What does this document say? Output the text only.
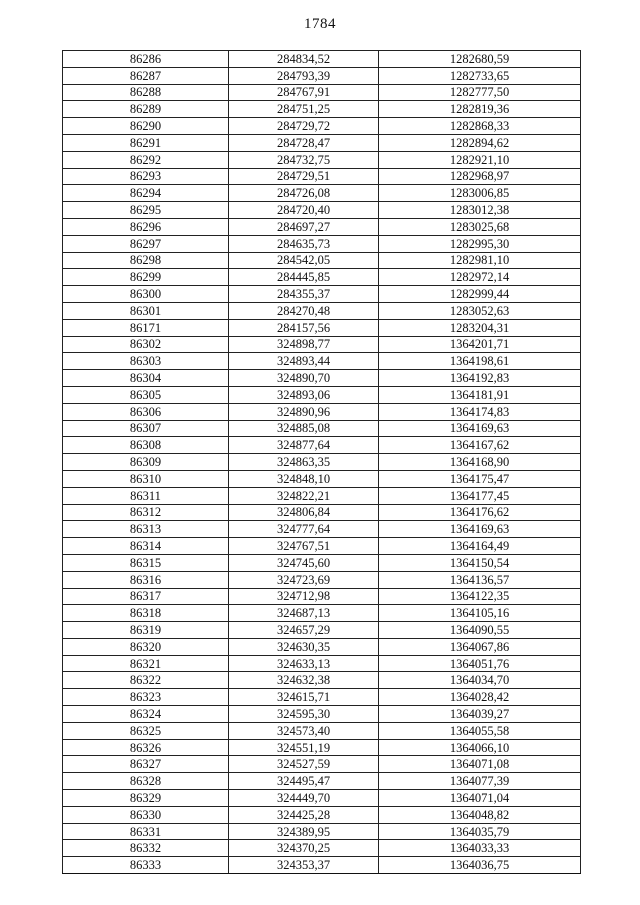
1784
86286	284834,52	1282680,59
86287	284793,39	1282733,65
86288	284767,91	1282777,50
86289	284751,25	1282819,36
86290	284729,72	1282868,33
86291	284728,47	1282894,62
86292	284732,75	1282921,10
86293	284729,51	1282968,97
86294	284726,08	1283006,85
86295	284720,40	1283012,38
86296	284697,27	1283025,68
86297	284635,73	1282995,30
86298	284542,05	1282981,10
86299	284445,85	1282972,14
86300	284355,37	1282999,44
86301	284270,48	1283052,63
86171	284157,56	1283204,31
86302	324898,77	1364201,71
86303	324893,44	1364198,61
86304	324890,70	1364192,83
86305	324893,06	1364181,91
86306	324890,96	1364174,83
86307	324885,08	1364169,63
86308	324877,64	1364167,62
86309	324863,35	1364168,90
86310	324848,10	1364175,47
86311	324822,21	1364177,45
86312	324806,84	1364176,62
86313	324777,64	1364169,63
86314	324767,51	1364164,49
86315	324745,60	1364150,54
86316	324723,69	1364136,57
86317	324712,98	1364122,35
86318	324687,13	1364105,16
86319	324657,29	1364090,55
86320	324630,35	1364067,86
86321	324633,13	1364051,76
86322	324632,38	1364034,70
86323	324615,71	1364028,42
86324	324595,30	1364039,27
86325	324573,40	1364055,58
86326	324551,19	1364066,10
86327	324527,59	1364071,08
86328	324495,47	1364077,39
86329	324449,70	1364071,04
86330	324425,28	1364048,82
86331	324389,95	1364035,79
86332	324370,25	1364033,33
86333	324353,37	1364036,75
